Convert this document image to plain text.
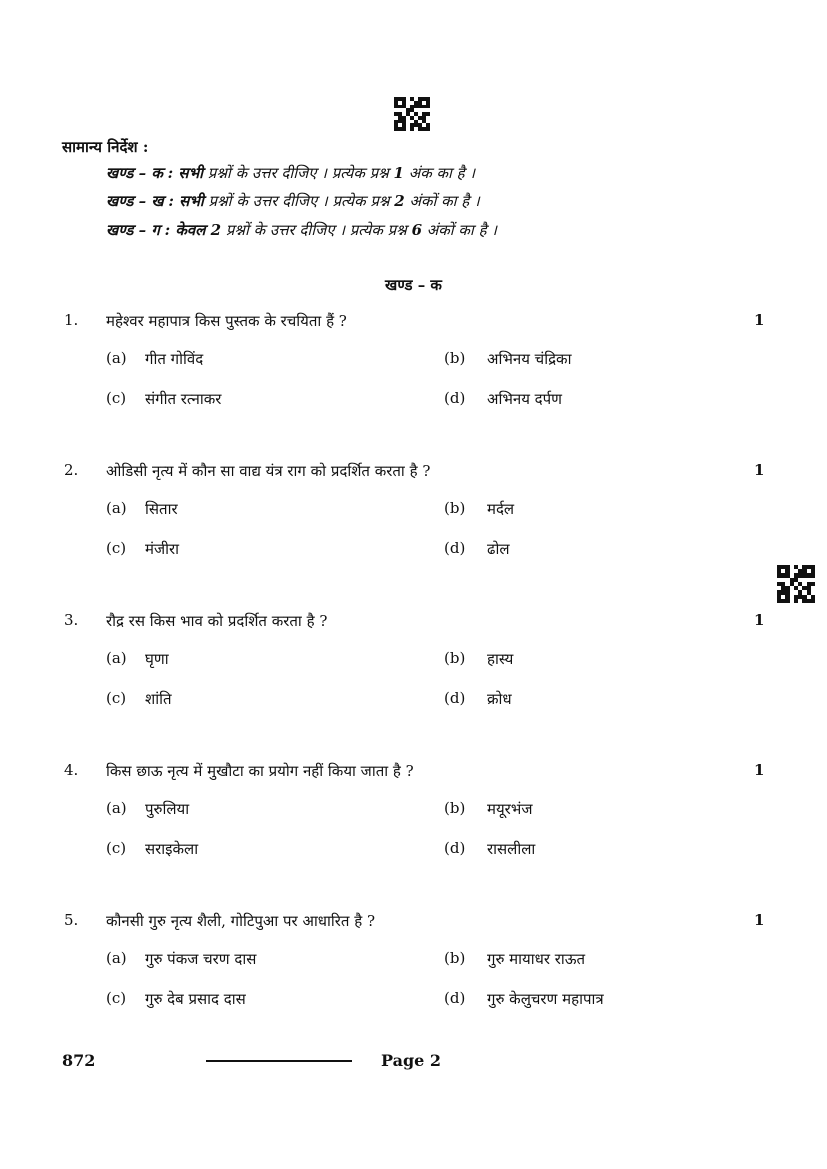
सामान्य निर्देश :
खण्ड – क : सभी प्रश्नों के उत्तर दीजिए । प्रत्येक प्रश्न 1 अंक का है ।
खण्ड – ख : सभी प्रश्नों के उत्तर दीजिए । प्रत्येक प्रश्न 2 अंकों का है ।
खण्ड – ग : केवल 2 प्रश्नों के उत्तर दीजिए । प्रत्येक प्रश्न 6 अंकों का है ।
खण्ड – क
1. महेश्वर महापात्र किस पुस्तक के रचयिता हैं ?	1
(a) गीत गोविंद	(b) अभिनय चंद्रिका
(c) संगीत रत्नाकर	(d) अभिनय दर्पण
2. ओडिसी नृत्य में कौन सा वाद्य यंत्र राग को प्रदर्शित करता है ?	1
(a) सितार	(b) मर्दल
(c) मंजीरा	(d) ढोल
3. रौद्र रस किस भाव को प्रदर्शित करता है ?	1
(a) घृणा	(b) हास्य
(c) शांति	(d) क्रोध
4. किस छाऊ नृत्य में मुखौटा का प्रयोग नहीं किया जाता है ?	1
(a) पुरुलिया	(b) मयूरभंज
(c) सराइकेला	(d) रासलीला
5. कौनसी गुरु नृत्य शैली, गोटिपुआ पर आधारित है ?	1
(a) गुरु पंकज चरण दास	(b) गुरु मायाधर राऊत
(c) गुरु देब प्रसाद दास	(d) गुरु केलुचरण महापात्र
872	Page 2
